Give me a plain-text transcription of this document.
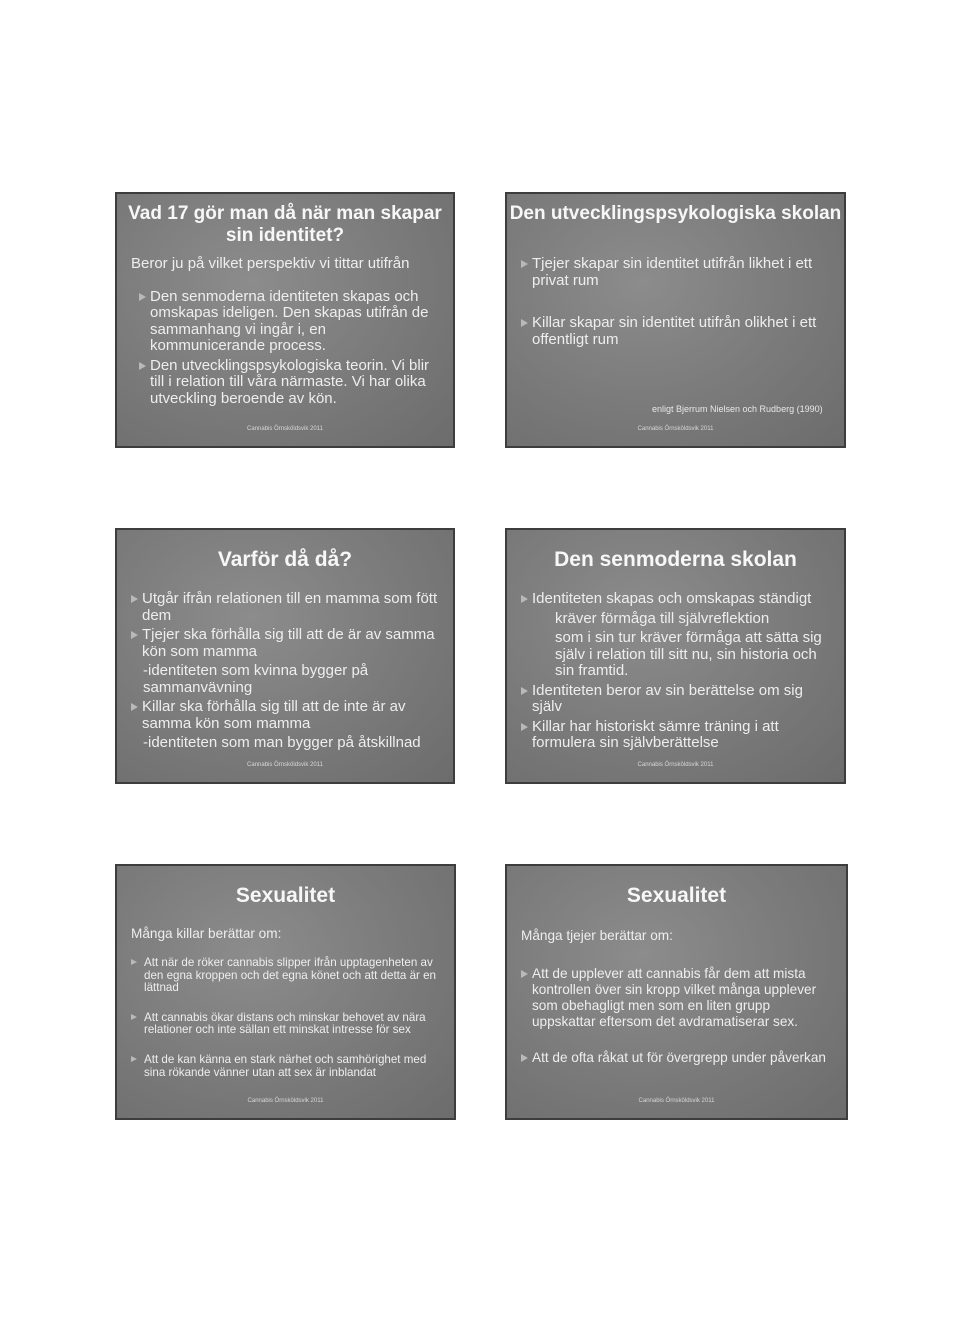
Vad 17 gör man då när man skapar
sin identitet?

Beror ju på vilket perspektiv vi tittar utifrån

Den senmoderna identiteten skapas och omskapas ideligen. Den skapas utifrån de sammanhang vi ingår i, en kommunicerande process.
Den utvecklingspsykologiska teorin. Vi blir till i relation till våra närmaste. Vi har olika utveckling beroende av kön.
Cannabis Örnsköldsvik 2011
Den utvecklingspsykologiska skolan
Tjejer skapar sin identitet utifrån likhet i ett privat rum
Killar skapar sin identitet utifrån olikhet i ett offentligt rum
enligt Bjerrum Nielsen och Rudberg (1990)
Cannabis Örnsköldsvik 2011
Varför då då?
Utgår ifrån relationen till en mamma som fött dem
Tjejer ska förhålla sig till att de är av samma kön som mamma

-identiteten som kvinna bygger på sammanvävning

Killar ska förhålla sig till att de inte är av samma kön som mamma

-identiteten som man bygger på åtskillnad

Cannabis Örnsköldsvik 2011
Den senmoderna skolan
Identiteten skapas och omskapas ständigt

kräver förmåga till självreflektion

som i sin tur kräver förmåga att sätta sig själv i relation till sitt nu, sin historia och sin framtid.

Identiteten beror av sin berättelse om sig själv
Killar har historiskt sämre träning i att formulera sin självberättelse
Cannabis Örnsköldsvik 2011
Sexualitet
Många killar berättar om:
Att när de röker cannabis slipper ifrån upptagenheten av den egna kroppen och det egna könet och att detta är en lättnad
Att cannabis ökar distans och minskar behovet av nära relationer och inte sällan ett minskat intresse för sex
Att de kan känna en stark närhet och samhörighet med sina rökande vänner utan att sex är inblandat
Cannabis Örnsköldsvik 2011
Sexualitet
Många tjejer berättar om:
Att de upplever att cannabis får dem att mista kontrollen över sin kropp vilket många upplever som obehagligt men som en liten grupp uppskattar eftersom det avdramatiserar sex.
Att de ofta råkat ut för övergrepp under påverkan
Cannabis Örnsköldsvik 2011
